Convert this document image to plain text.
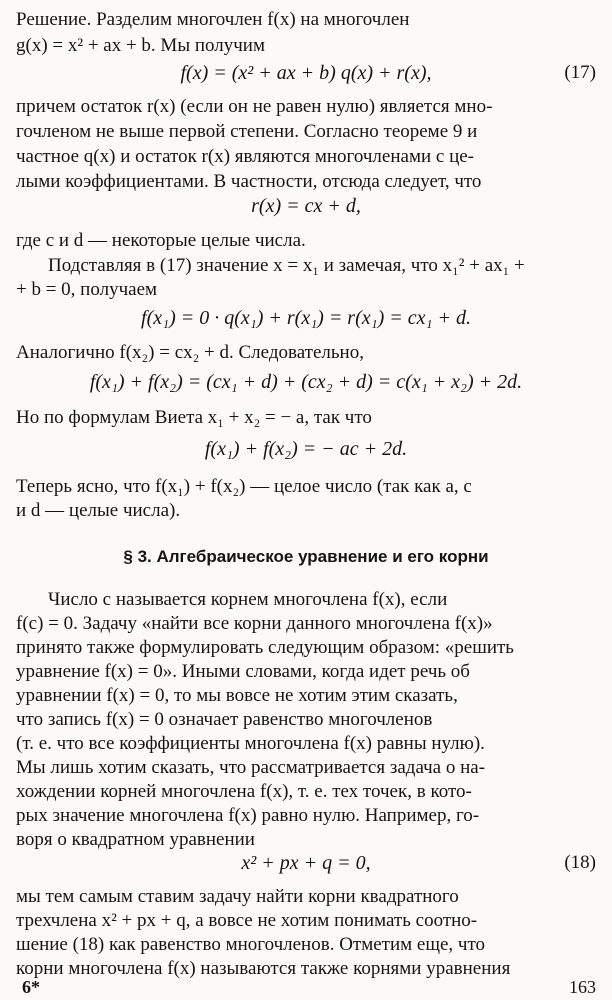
Решение. Разделим многочлен f(x) на многочлен
g(x) = x² + ax + b. Мы получим
f(x) = (x² + ax + b) q(x) + r(x),	(17)
причем остаток r(x) (если он не равен нулю) является мно-
гочленом не выше первой степени. Согласно теореме 9 и
частное q(x) и остаток r(x) являются многочленами с це-
лыми коэффициентами. В частности, отсюда следует, что
r(x) = cx + d,
где c и d — некоторые целые числа.
Подставляя в (17) значение x = x₁ и замечая, что x₁² + ax₁ +
+ b = 0, получаем
f(x₁) = 0 · q(x₁) + r(x₁) = r(x₁) = cx₁ + d.
Аналогично f(x₂) = cx₂ + d. Следовательно,
f(x₁) + f(x₂) = (cx₁ + d) + (cx₂ + d) = c(x₁ + x₂) + 2d.
Но по формулам Виета x₁ + x₂ = − a, так что
f(x₁) + f(x₂) = − ac + 2d.
Теперь ясно, что f(x₁) + f(x₂) — целое число (так как a, c
и d — целые числа).
§ 3. Алгебраическое уравнение и его корни
Число c называется корнем многочлена f(x), если
f(c) = 0. Задачу «найти все корни данного многочлена f(x)»
принято также формулировать следующим образом: «решить
уравнение f(x) = 0». Иными словами, когда идет речь об
уравнении f(x) = 0, то мы вовсе не хотим этим сказать,
что запись f(x) = 0 означает равенство многочленов
(т. е. что все коэффициенты многочлена f(x) равны нулю).
Мы лишь хотим сказать, что рассматривается задача о на-
хождении корней многочлена f(x), т. е. тех точек, в кото-
рых значение многочлена f(x) равно нулю. Например, го-
воря о квадратном уравнении
x² + px + q = 0,	(18)
мы тем самым ставим задачу найти корни квадратного
трехчлена x² + px + q, а вовсе не хотим понимать соотно-
шение (18) как равенство многочленов. Отметим еще, что
корни многочлена f(x) называются также корнями уравнения
6*	163
